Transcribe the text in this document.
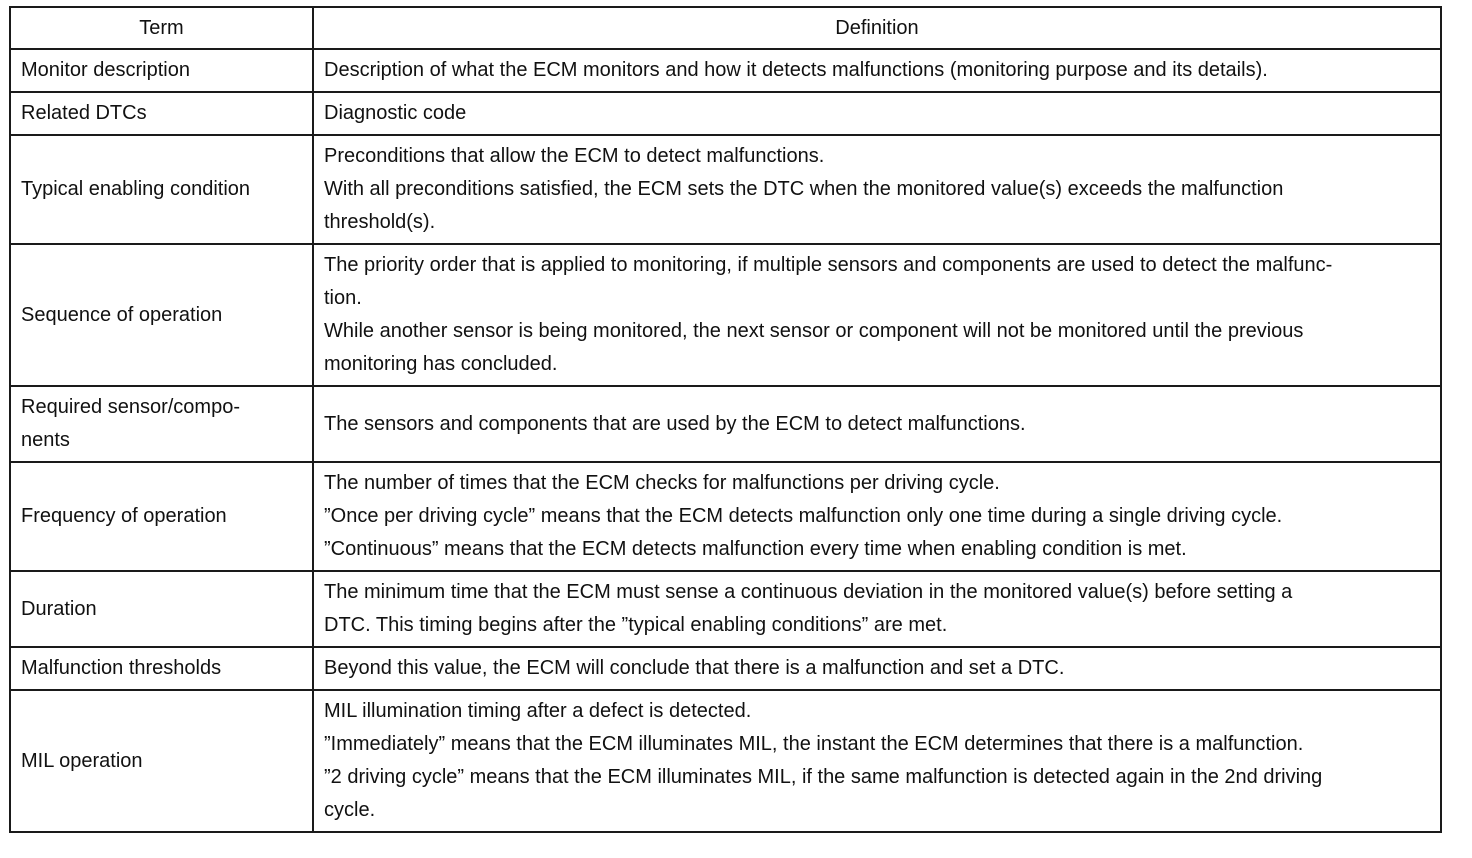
Term	Definition

Monitor description	Description of what the ECM monitors and how it detects malfunctions (monitoring purpose and its details).

Related DTCs	Diagnostic code

Typical enabling condition	Preconditions that allow the ECM to detect malfunctions.
With all preconditions satisfied, the ECM sets the DTC when the monitored value(s) exceeds the malfunction
threshold(s).

Sequence of operation	The priority order that is applied to monitoring, if multiple sensors and components are used to detect the malfunc-
tion.
While another sensor is being monitored, the next sensor or component will not be monitored until the previous
monitoring has concluded.

Required sensor/compo-
nents	The sensors and components that are used by the ECM to detect malfunctions.

Frequency of operation	The number of times that the ECM checks for malfunctions per driving cycle.
”Once per driving cycle” means that the ECM detects malfunction only one time during a single driving cycle.
”Continuous” means that the ECM detects malfunction every time when enabling condition is met.

Duration	The minimum time that the ECM must sense a continuous deviation in the monitored value(s) before setting a
DTC. This timing begins after the ”typical enabling conditions” are met.

Malfunction thresholds	Beyond this value, the ECM will conclude that there is a malfunction and set a DTC.

MIL operation	MIL illumination timing after a defect is detected.
”Immediately” means that the ECM illuminates MIL, the instant the ECM determines that there is a malfunction.
”2 driving cycle” means that the ECM illuminates MIL, if the same malfunction is detected again in the 2nd driving
cycle.
